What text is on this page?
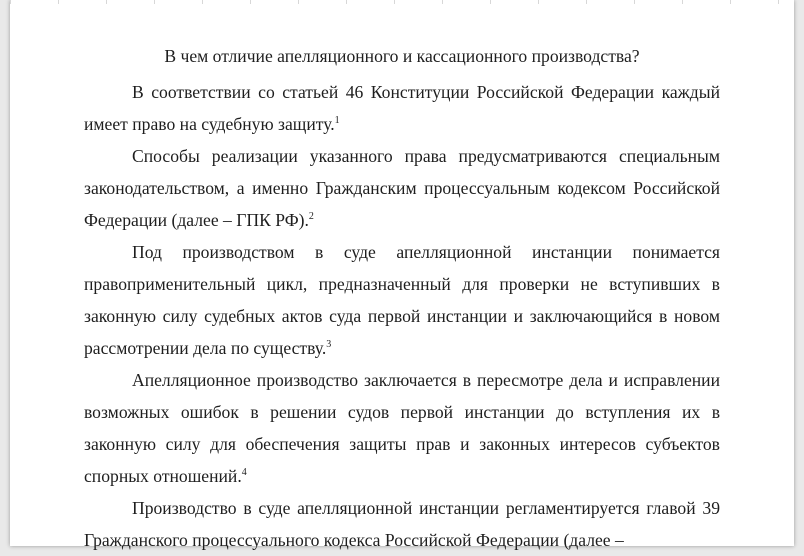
В чем отличие апелляционного и кассационного производства?

В соответствии со статьей 46 Конституции Российской Федерации каждый имеет право на судебную защиту.$^1$

Способы реализации указанного права предусматриваются специальным законодательством, а именно Гражданским процессуальным кодексом Российской Федерации (далее – ГПК РФ).$^2$

Под производством в суде апелляционной инстанции понимается правоприменительный цикл, предназначенный для проверки не вступивших в законную силу судебных актов суда первой инстанции и заключающийся в новом рассмотрении дела по существу.$^3$

Апелляционное производство заключается в пересмотре дела и исправлении возможных ошибок в решении судов первой инстанции до вступления их в законную силу для обеспечения защиты прав и законных интересов субъектов спорных отношений.$^4$

Производство в суде апелляционной инстанции регламентируется главой 39 Гражданского процессуального кодекса Российской Федерации (далее –
